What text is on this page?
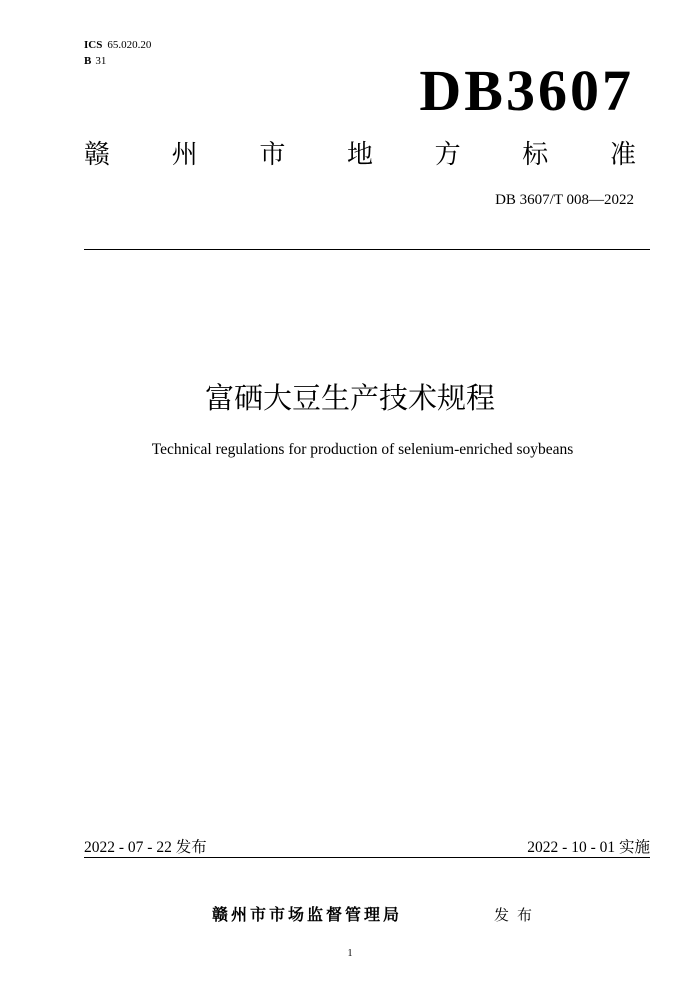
ICS 65.020.20
B 31	DB3607
赣 州 市 地 方 标 准
DB 3607/T 008—2022
富硒大豆生产技术规程
Technical regulations for production of selenium-enriched soybeans
2022 - 07 - 22 发布	2022 - 10 - 01 实施
赣州市市场监督管理局	发布
1
